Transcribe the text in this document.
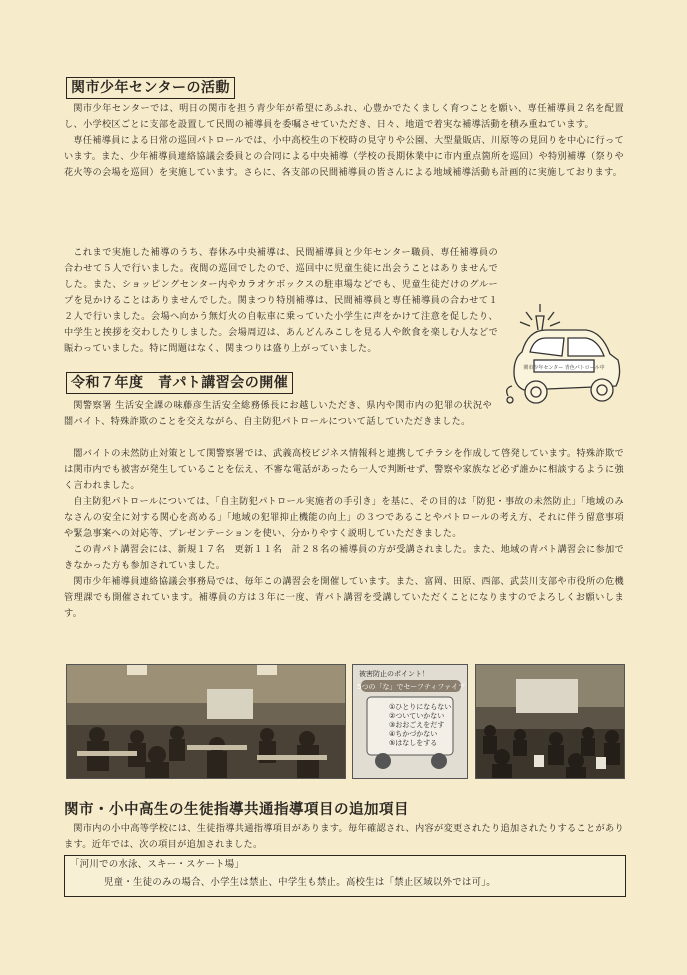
関市少年センターの活動

関市少年センターでは、明日の関市を担う青少年が希望にあふれ、心豊かでたくましく育つことを願い、専任補導員２名を配置し、小学校区ごとに支部を設置して民間の補導員を委嘱させていただき、日々、地道で着実な補導活動を積み重ねています。

専任補導員による日常の巡回パトロールでは、小中高校生の下校時の見守りや公園、大型量販店、川原等の見回りを中心に行っています。また、少年補導員連絡協議会委員との合同による中央補導（学校の長期休業中に市内重点箇所を巡回）や特別補導（祭りや花火等の会場を巡回）を実施しています。さらに、各支部の民間補導員の皆さんによる地域補導活動も計画的に実施しております。

これまで実施した補導のうち、春休み中央補導は、民間補導員と少年センター職員、専任補導員の合わせて５人で行いました。夜間の巡回でしたので、巡回中に児童生徒に出会うことはありませんでした。また、ショッピングセンター内やカラオケボックスの駐車場などでも、児童生徒だけのグループを見かけることはありませんでした。関まつり特別補導は、民間補導員と専任補導員の合わせて１２人で行いました。会場へ向かう無灯火の自転車に乗っていた小学生に声をかけて注意を促したり、中学生と挨拶を交わしたりしました。会場周辺は、あんどんみこしを見る人や飲食を楽しむ人などで賑わっていました。特に問題はなく、関まつりは盛り上がっていました。

関市少年センター 青色パトロール中
令和７年度　青パト講習会の開催

関警察署 生活安全課の味藤彦生活安全総務係長にお越しいただき、県内や関市内の犯罪の状況や闇バイト、特殊詐欺のことを交えながら、自主防犯パトロールについて話していただきました。

闇バイトの未然防止対策として関警察署では、武義高校ビジネス情報科と連携してチラシを作成して啓発しています。特殊詐欺では関市内でも被害が発生していることを伝え、不審な電話があったら一人で判断せず、警察や家族など必ず誰かに相談するように強く言われました。

自主防犯パトロールについては、「自主防犯パトロール実施者の手引き」を基に、その目的は「防犯・事故の未然防止」「地域のみなさんの安全に対する関心を高める」「地域の犯罪抑止機能の向上」の３つであることやパトロールの考え方、それに伴う留意事項や緊急事案への対応等、プレゼンテーションを使い、分かりやすく説明していただきました。

この青パト講習会には、新規１７名　更新１１名　計２８名の補導員の方が受講されました。また、地域の青パト講習会に参加できなかった方も参加されていました。

関市少年補導員連絡協議会事務局では、毎年この講習会を開催しています。また、富岡、田原、西部、武芸川支部や市役所の危機管理課でも開催されています。補導員の方は３年に一度、青パト講習を受講していただくことになりますのでよろしくお願いします。

被害防止のポイント！
5つの「な」でセーフティファイブ
①ひとりにならない
②ついていかない
③おおごえをだす
④ちかづかない
⑤はなしをする
関市・小中高生の生徒指導共通指導項目の追加項目

関市内の小中高等学校には、生徒指導共通指導項目があります。毎年確認され、内容が変更されたり追加されたりすることがあります。近年では、次の項目が追加されました。

「河川での水泳、スキー・スケート場」
児童・生徒のみの場合、小学生は禁止、中学生も禁止。高校生は「禁止区域以外では可」。
